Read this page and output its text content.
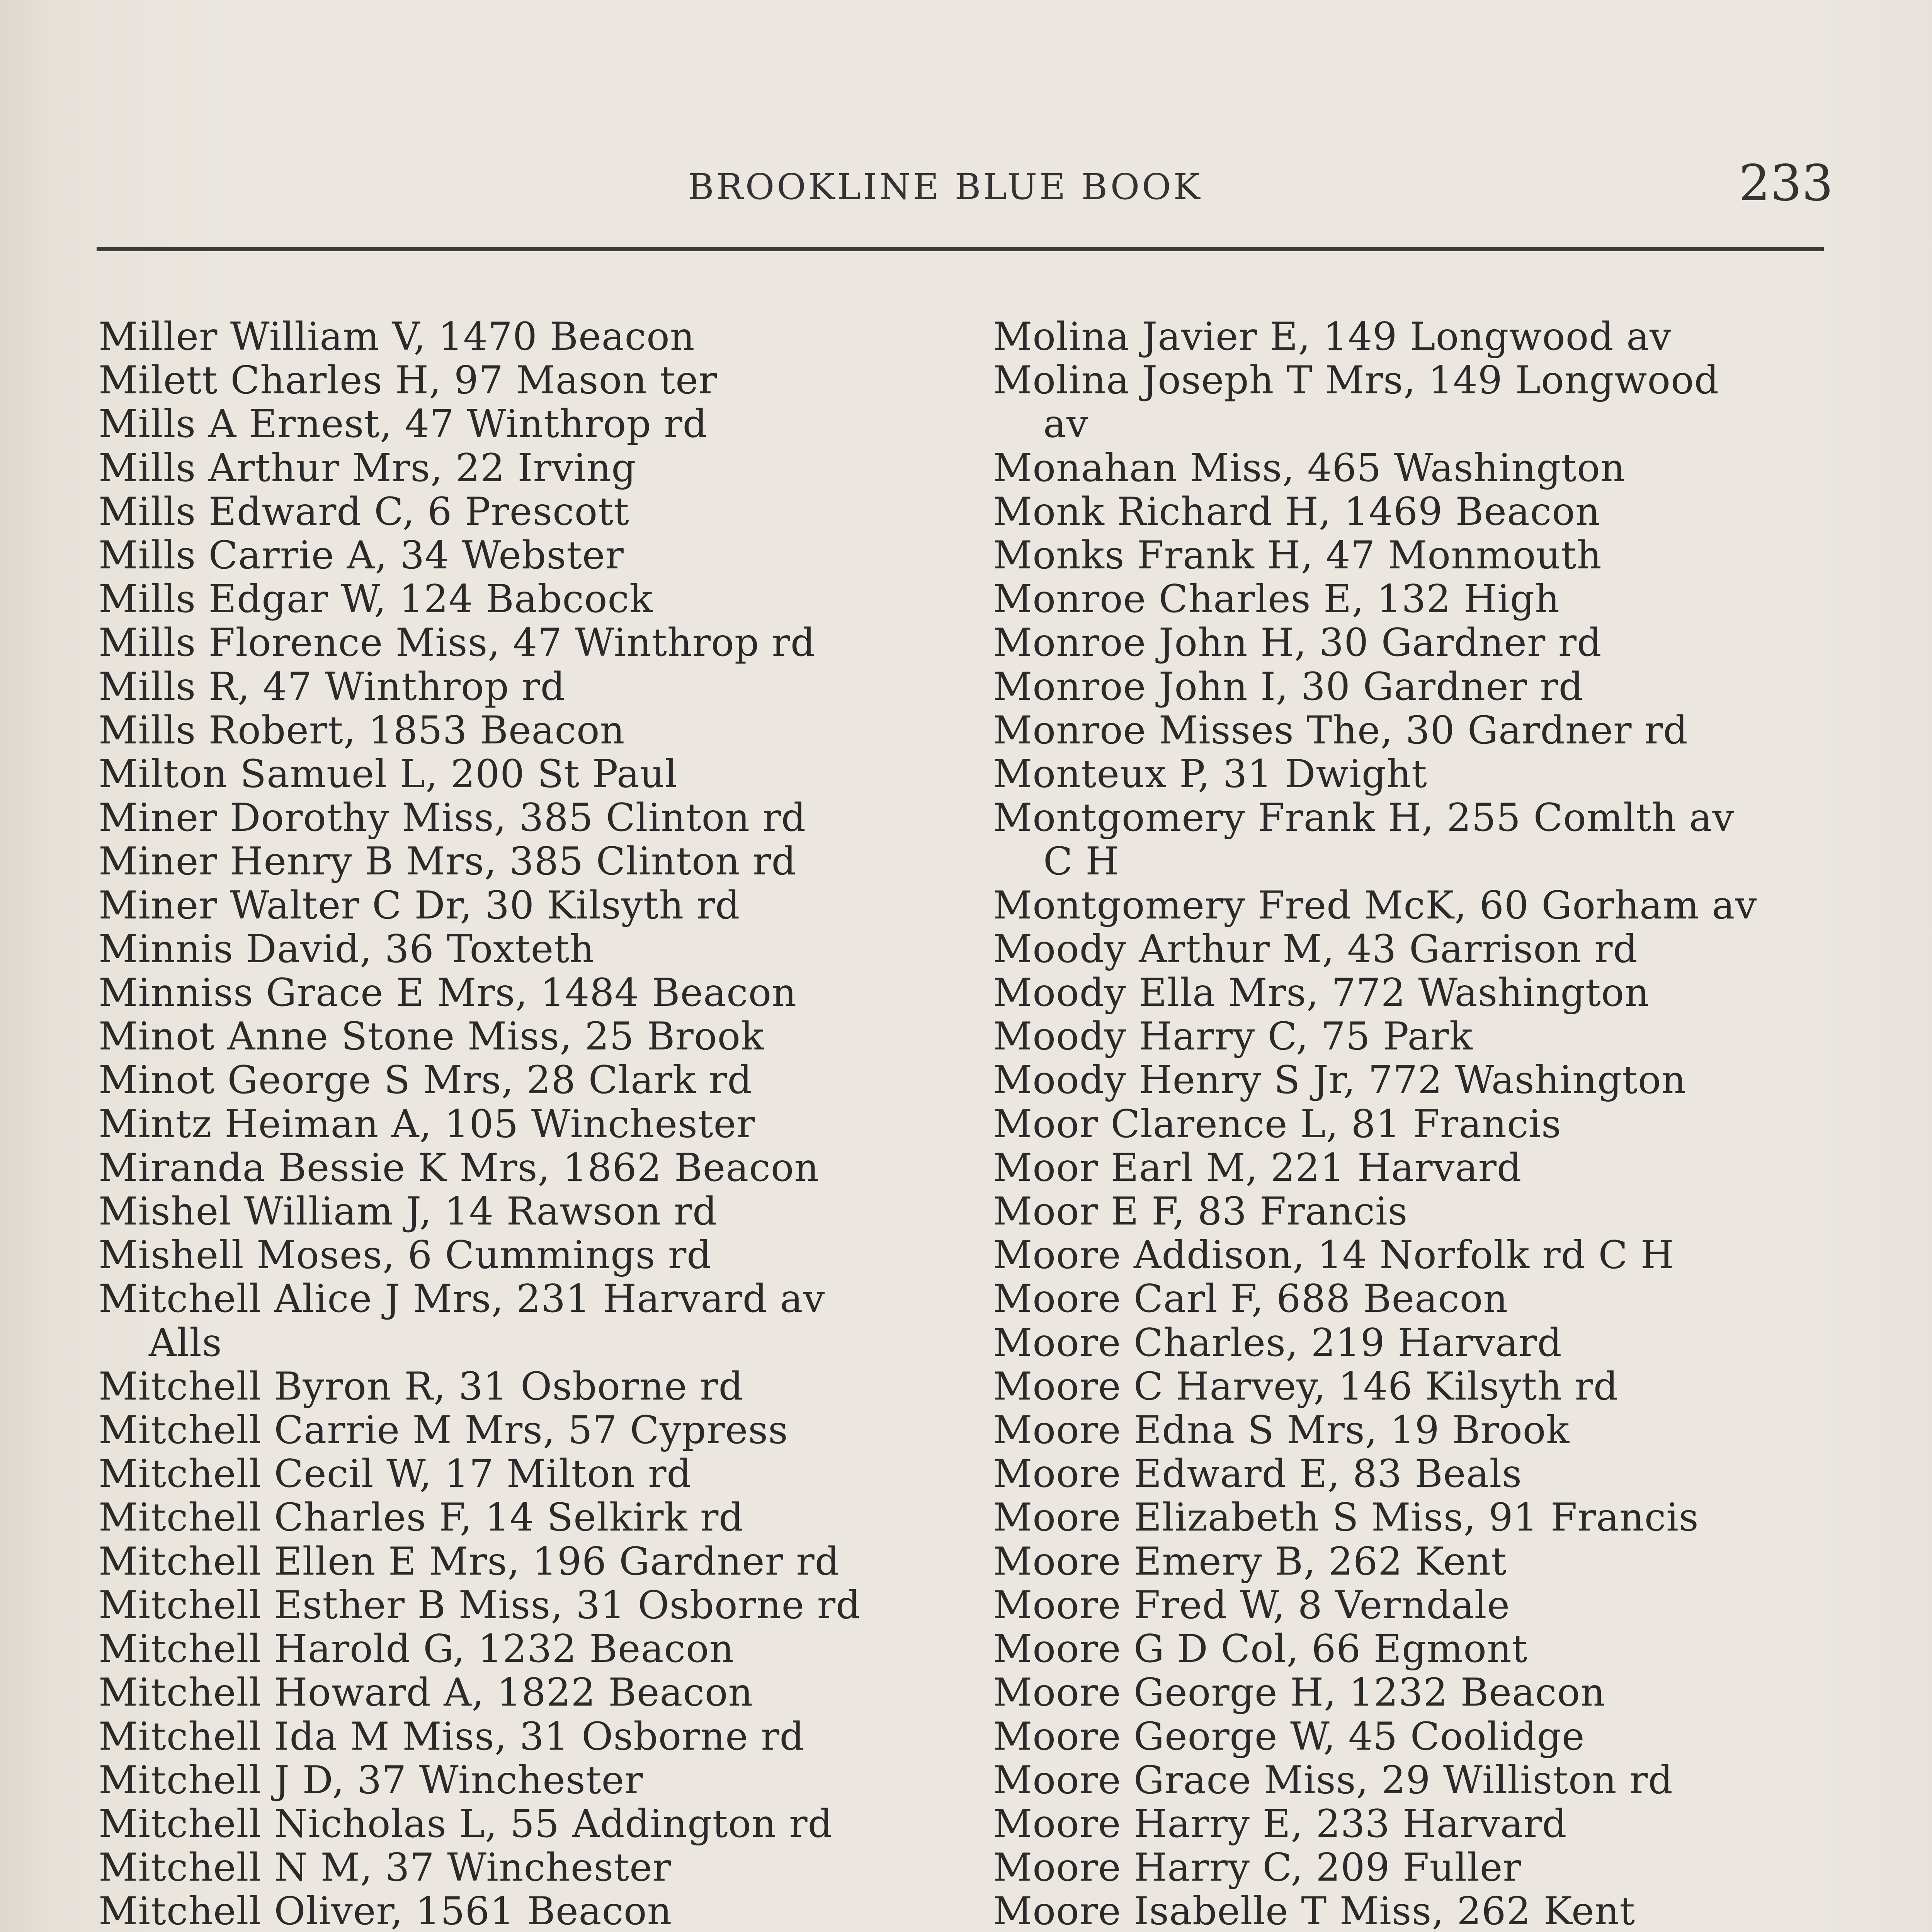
BROOKLINE BLUE BOOK	233
Miller William V, 1470 Beacon
Milett Charles H, 97 Mason ter
Mills A Ernest, 47 Winthrop rd
Mills Arthur Mrs, 22 Irving
Mills Edward C, 6 Prescott
Mills Carrie A, 34 Webster
Mills Edgar W, 124 Babcock
Mills Florence Miss, 47 Winthrop rd
Mills R, 47 Winthrop rd
Mills Robert, 1853 Beacon
Milton Samuel L, 200 St Paul
Miner Dorothy Miss, 385 Clinton rd
Miner Henry B Mrs, 385 Clinton rd
Miner Walter C Dr, 30 Kilsyth rd
Minnis David, 36 Toxteth
Minniss Grace E Mrs, 1484 Beacon
Minot Anne Stone Miss, 25 Brook
Minot George S Mrs, 28 Clark rd
Mintz Heiman A, 105 Winchester
Miranda Bessie K Mrs, 1862 Beacon
Mishel William J, 14 Rawson rd
Mishell Moses, 6 Cummings rd
Mitchell Alice J Mrs, 231 Harvard av
Alls
Mitchell Byron R, 31 Osborne rd
Mitchell Carrie M Mrs, 57 Cypress
Mitchell Cecil W, 17 Milton rd
Mitchell Charles F, 14 Selkirk rd
Mitchell Ellen E Mrs, 196 Gardner rd
Mitchell Esther B Miss, 31 Osborne rd
Mitchell Harold G, 1232 Beacon
Mitchell Howard A, 1822 Beacon
Mitchell Ida M Miss, 31 Osborne rd
Mitchell J D, 37 Winchester
Mitchell Nicholas L, 55 Addington rd
Mitchell N M, 37 Winchester
Mitchell Oliver, 1561 Beacon
Molina Javier E, 149 Longwood av
Molina Joseph T Mrs, 149 Longwood
av
Monahan Miss, 465 Washington
Monk Richard H, 1469 Beacon
Monks Frank H, 47 Monmouth
Monroe Charles E, 132 High
Monroe John H, 30 Gardner rd
Monroe John I, 30 Gardner rd
Monroe Misses The, 30 Gardner rd
Monteux P, 31 Dwight
Montgomery Frank H, 255 Comlth av
C H
Montgomery Fred McK, 60 Gorham av
Moody Arthur M, 43 Garrison rd
Moody Ella Mrs, 772 Washington
Moody Harry C, 75 Park
Moody Henry S Jr, 772 Washington
Moor Clarence L, 81 Francis
Moor Earl M, 221 Harvard
Moor E F, 83 Francis
Moore Addison, 14 Norfolk rd C H
Moore Carl F, 688 Beacon
Moore Charles, 219 Harvard
Moore C Harvey, 146 Kilsyth rd
Moore Edna S Mrs, 19 Brook
Moore Edward E, 83 Beals
Moore Elizabeth S Miss, 91 Francis
Moore Emery B, 262 Kent
Moore Fred W, 8 Verndale
Moore G D Col, 66 Egmont
Moore George H, 1232 Beacon
Moore George W, 45 Coolidge
Moore Grace Miss, 29 Williston rd
Moore Harry E, 233 Harvard
Moore Harry C, 209 Fuller
Moore Isabelle T Miss, 262 Kent
